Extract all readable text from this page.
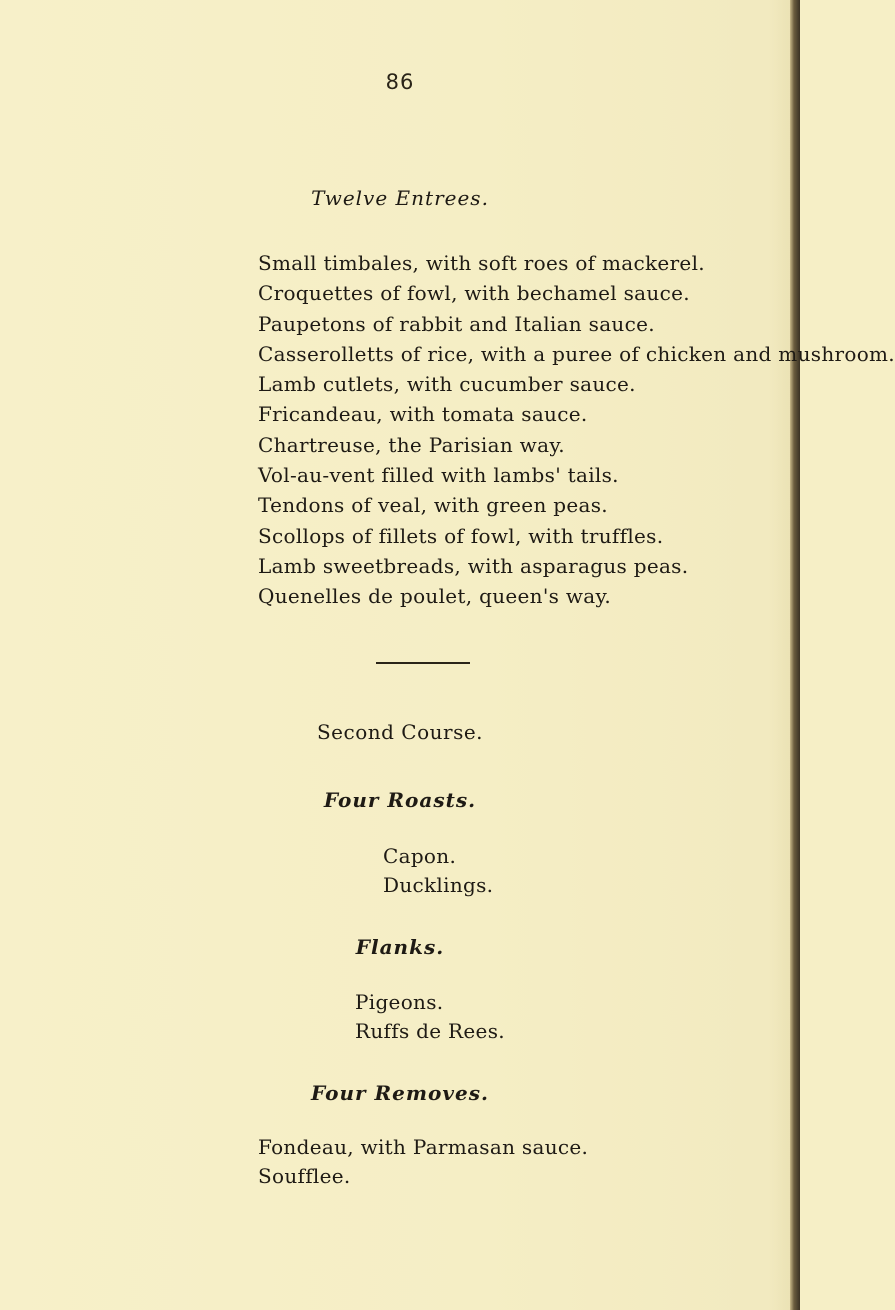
86
Twelve Entrees.
Small timbales, with soft roes of mackerel.
Croquettes of fowl, with bechamel sauce.
Paupetons of rabbit and Italian sauce.
Casserolletts of rice, with a puree of chicken and mushroom.
Lamb cutlets, with cucumber sauce.
Fricandeau, with tomata sauce.
Chartreuse, the Parisian way.
Vol-au-vent filled with lambs' tails.
Tendons of veal, with green peas.
Scollops of fillets of fowl, with truffles.
Lamb sweetbreads, with asparagus peas.
Quenelles de poulet, queen's way.
Second Course.
Four Roasts.
Capon.
Ducklings.
Flanks.
Pigeons.
Ruffs de Rees.
Four Removes.
Fondeau, with Parmasan sauce.
Soufflee.
